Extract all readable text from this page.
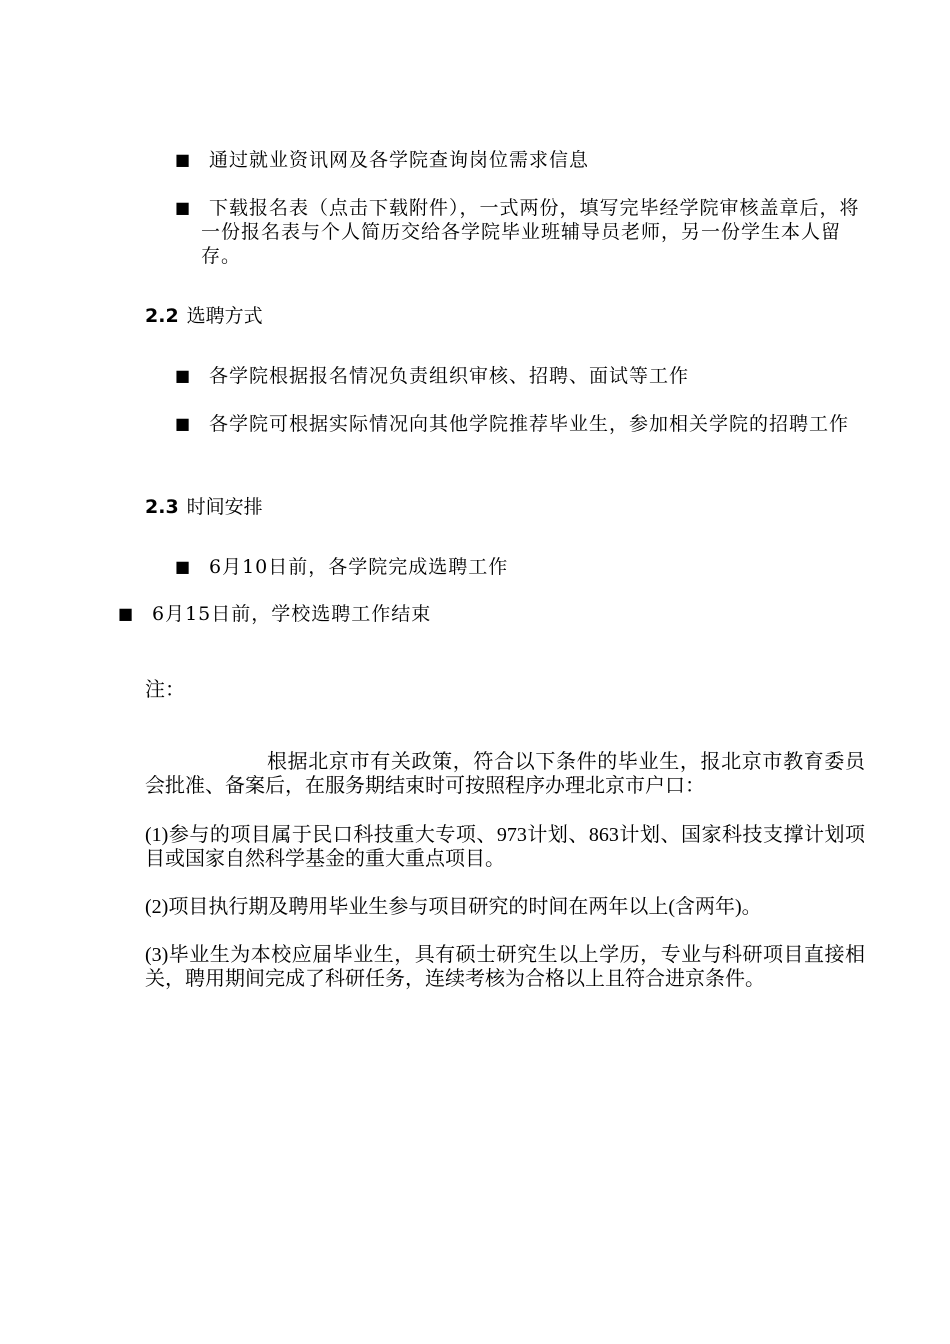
■ 通过就业资讯网及各学院查询岗位需求信息
■ 下载报名表（点击下载附件），一式两份，填写完毕经学院审核盖章后，将一份报名表与个人简历交给各学院毕业班辅导员老师，另一份学生本人留存。
2.2 选聘方式
■ 各学院根据报名情况负责组织审核、招聘、面试等工作
■ 各学院可根据实际情况向其他学院推荐毕业生，参加相关学院的招聘工作
2.3 时间安排
■ 6月10日前，各学院完成选聘工作
■ 6月15日前，学校选聘工作结束
注：
根据北京市有关政策，符合以下条件的毕业生，报北京市教育委员会批准、备案后，在服务期结束时可按照程序办理北京市户口：
(1)参与的项目属于民口科技重大专项、973计划、863计划、国家科技支撑计划项目或国家自然科学基金的重大重点项目。
(2)项目执行期及聘用毕业生参与项目研究的时间在两年以上(含两年)。
(3)毕业生为本校应届毕业生，具有硕士研究生以上学历，专业与科研项目直接相关，聘用期间完成了科研任务，连续考核为合格以上且符合进京条件。
